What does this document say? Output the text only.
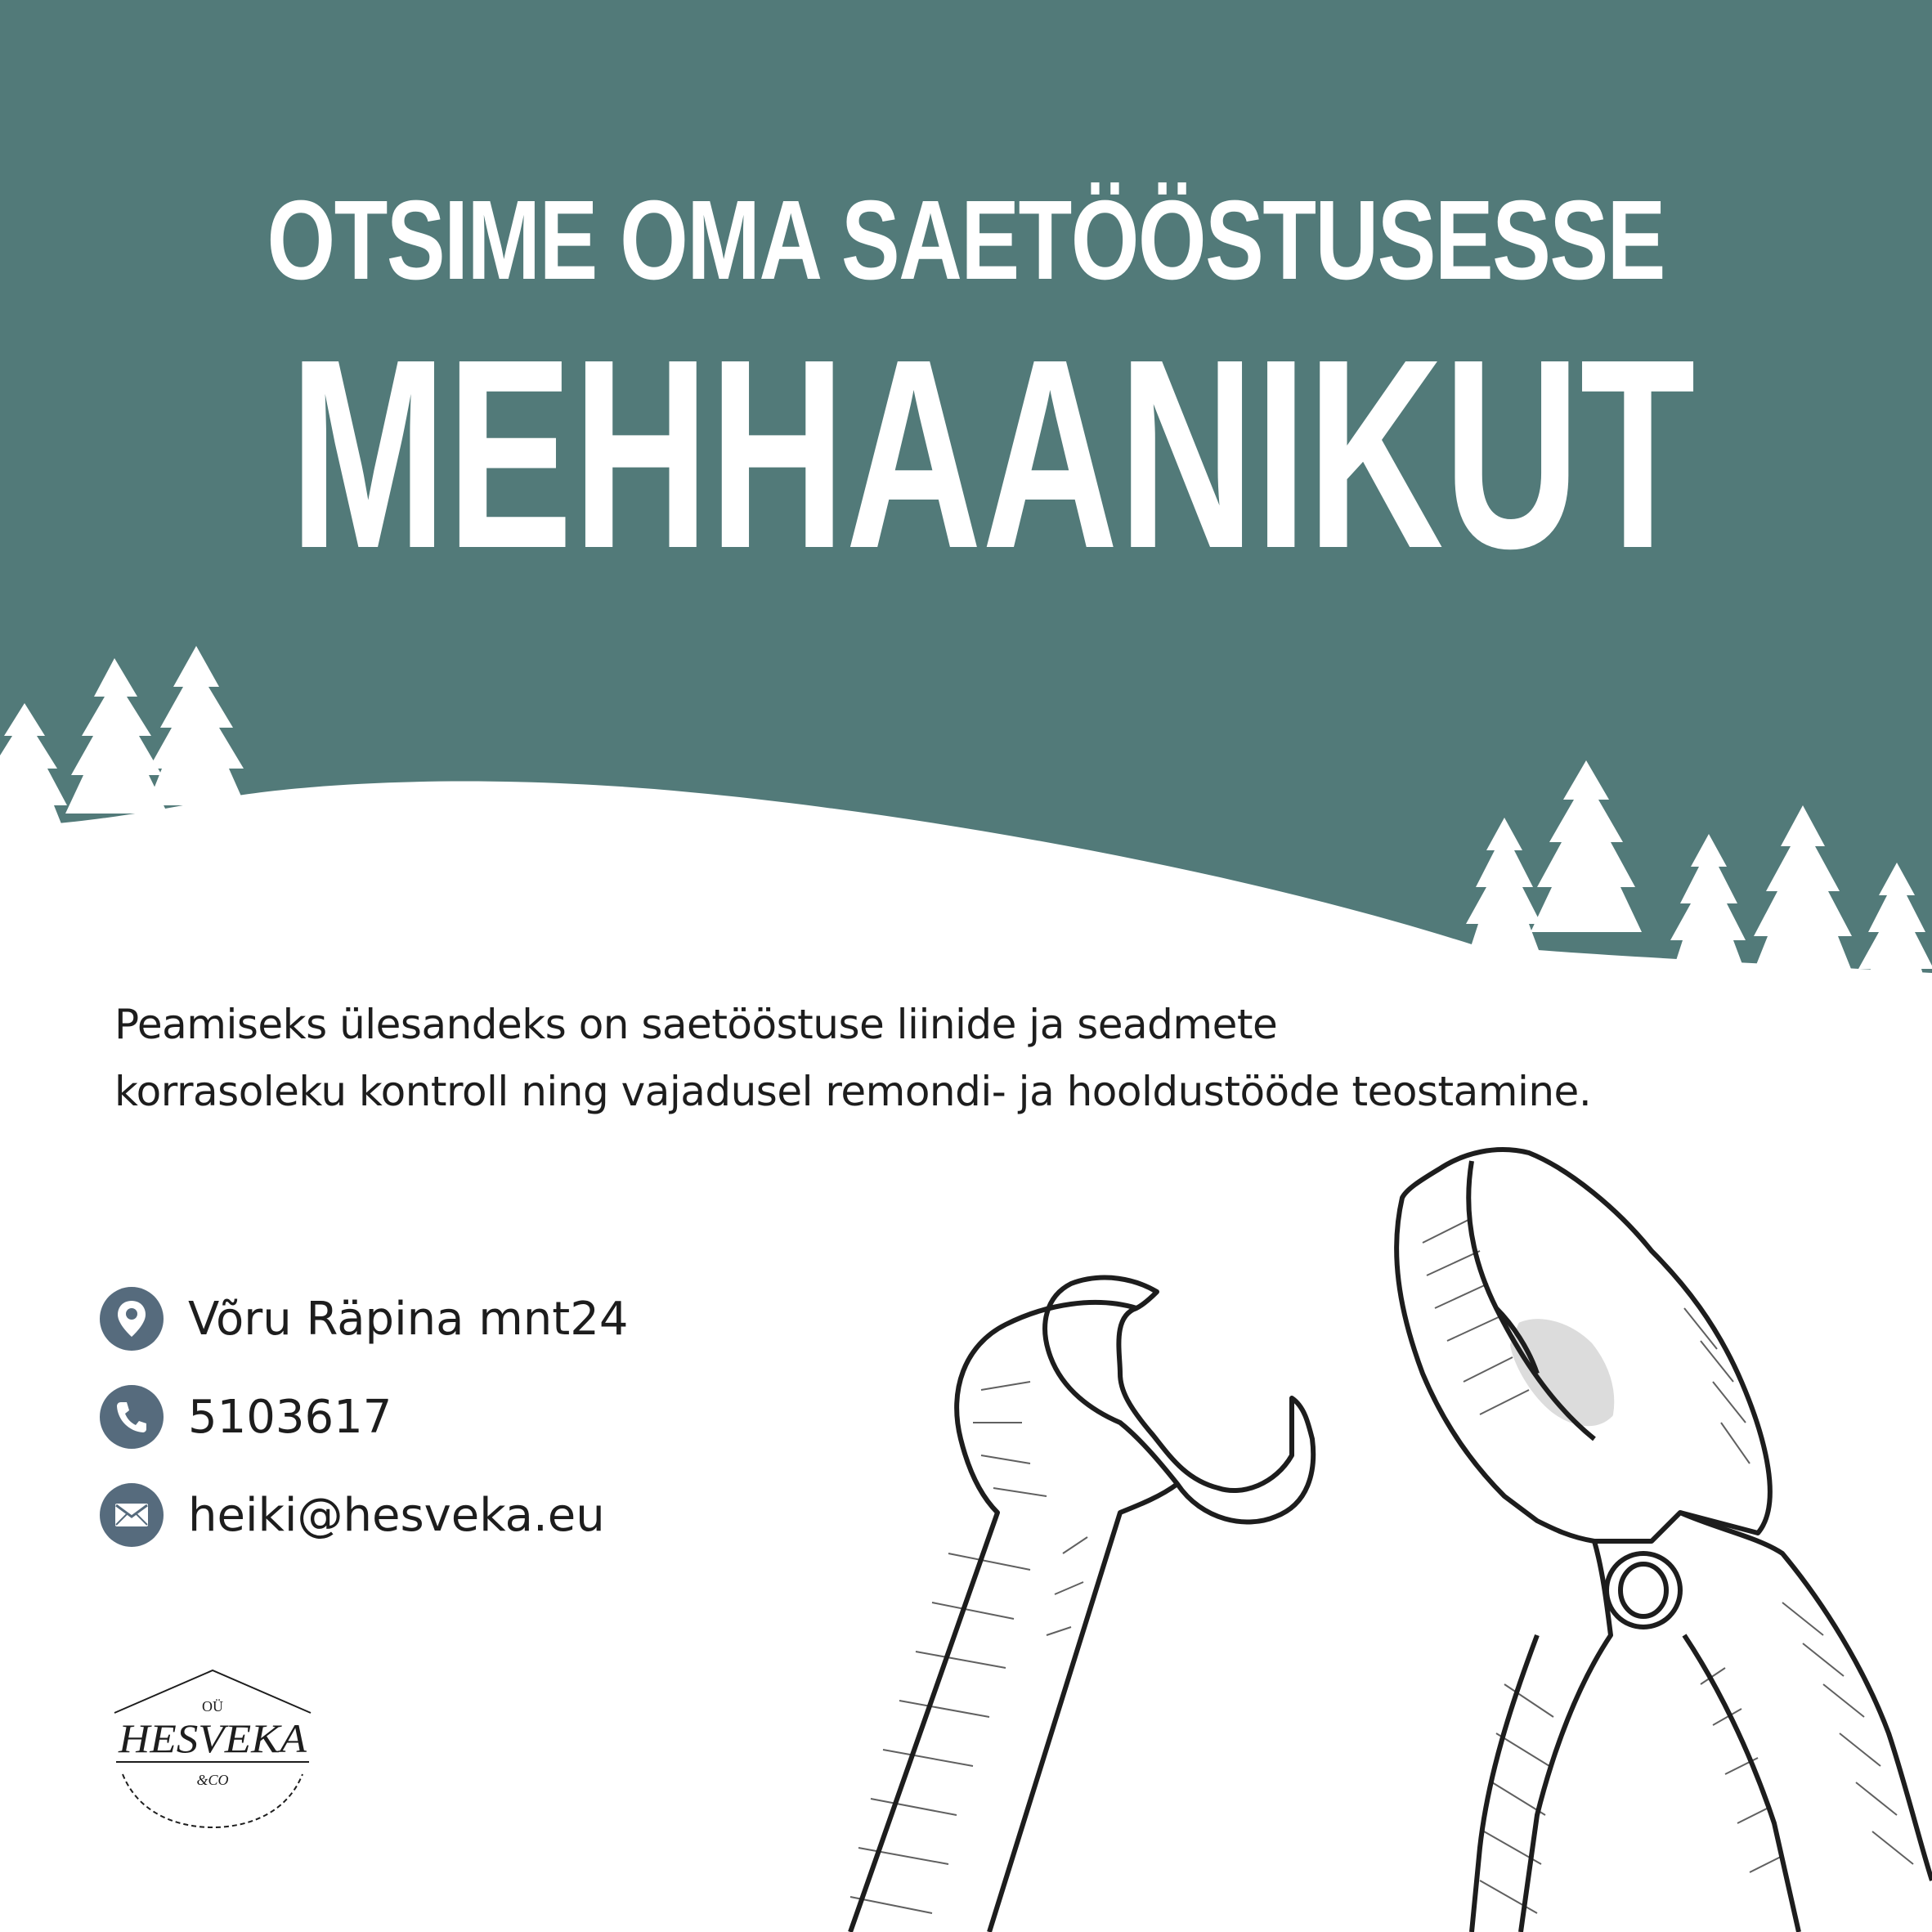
OTSIME OMA SAETÖÖSTUSESSE
MEHHAANIKUT

Peamiseks ülesandeks on saetööstuse liinide ja seadmete

korrasoleku kontroll ning vajadusel remondi- ja hooldustööde teostamine.

Võru Räpina mnt24
5103617
heiki@hesveka.eu
OÜ
HESVEKA
&CO
